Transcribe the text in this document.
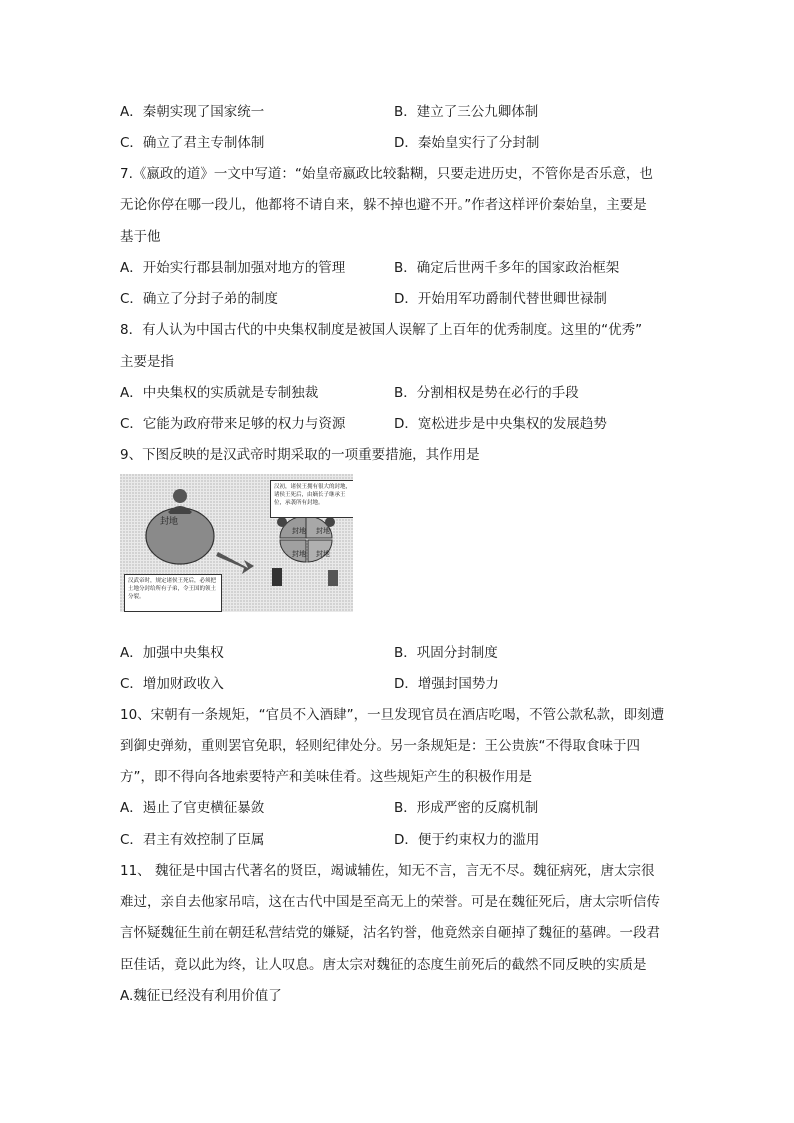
A．秦朝实现了国家统一	B．建立了三公九卿体制
C．确立了君主专制体制	D．秦始皇实行了分封制
7.《嬴政的道》一文中写道：“始皇帝嬴政比较黏糊，只要走进历史，不管你是否乐意，也
无论你停在哪一段儿，他都将不请自来，躲不掉也避不开。”作者这样评价秦始皇，主要是
基于他
A．开始实行郡县制加强对地方的管理	B．确定后世两千多年的国家政治框架
C．确立了分封子弟的制度	D．开始用军功爵制代替世卿世禄制
8．有人认为中国古代的中央集权制度是被国人误解了上百年的优秀制度。这里的“优秀”
主要是指
A．中央集权的实质就是专制独裁	B．分割相权是势在必行的手段
C．它能为政府带来足够的权力与资源	D．宽松进步是中央集权的发展趋势
9、下图反映的是汉武帝时期采取的一项重要措施，其作用是
汉初，诸侯王拥有很大的封地，诸侯王死后，由嫡长子继承王位，承袭所有封地。
汉武帝时，规定诸侯王死后，必须把土地分封给所有子弟，令王国的领土分裂。
封地
封地 封地
封地 封地
A．加强中央集权	B．巩固分封制度
C．增加财政收入	D．增强封国势力
10、宋朝有一条规矩，“官员不入酒肆”，一旦发现官员在酒店吃喝，不管公款私款，即刻遭
到御史弹劾，重则罢官免职，轻则纪律处分。另一条规矩是：王公贵族“不得取食味于四
方”，即不得向各地索要特产和美味佳肴。这些规矩产生的积极作用是
A．遏止了官吏横征暴敛	B．形成严密的反腐机制
C．君主有效控制了臣属	D．便于约束权力的滥用
11、 魏征是中国古代著名的贤臣，竭诚辅佐，知无不言，言无不尽。魏征病死，唐太宗很
难过，亲自去他家吊唁，这在古代中国是至高无上的荣誉。可是在魏征死后，唐太宗听信传
言怀疑魏征生前在朝廷私营结党的嫌疑，沽名钓誉，他竟然亲自砸掉了魏征的墓碑。一段君
臣佳话，竟以此为终，让人叹息。唐太宗对魏征的态度生前死后的截然不同反映的实质是
A.魏征已经没有利用价值了
